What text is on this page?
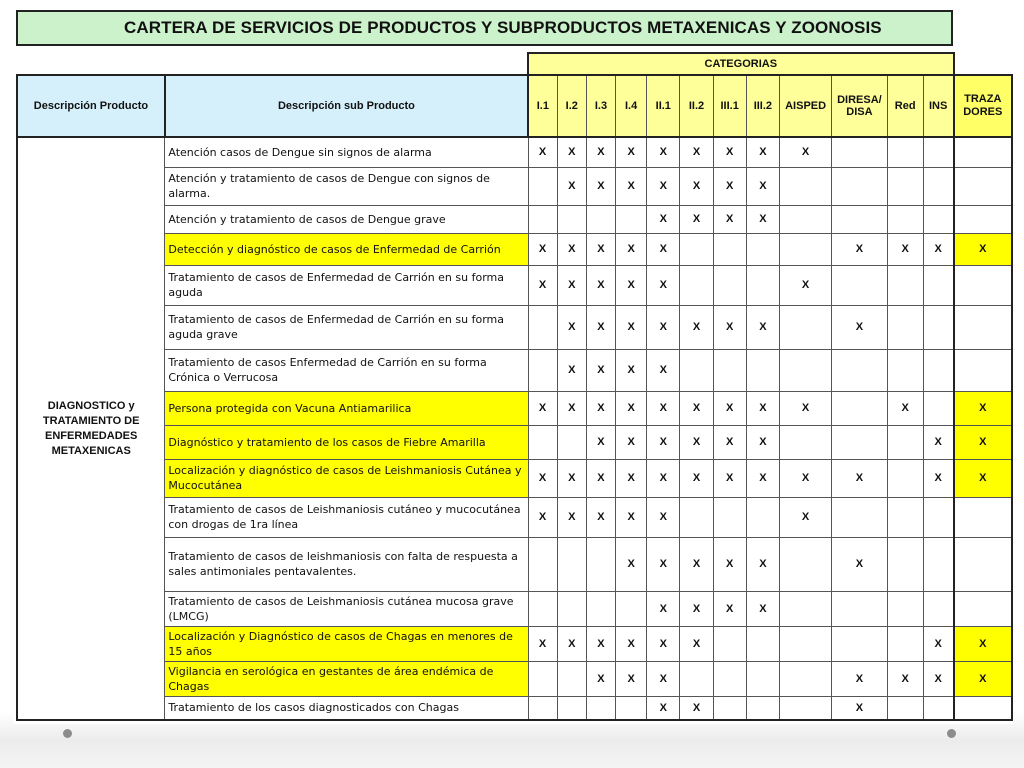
CARTERA DE SERVICIOS DE PRODUCTOS Y SUBPRODUCTOS METAXENICAS Y ZOONOSIS
		CATEGORIAS												
Descripción Producto	Descripción sub Producto	I.1	I.2	I.3	I.4	II.1	II.2	III.1	III.2	AISPED	DIRESA/ DISA	Red	INS	TRAZA DORES
DIAGNOSTICO y TRATAMIENTO DE ENFERMEDADES METAXENICAS	Atención casos de Dengue sin signos de alarma	X	X	X	X	X	X	X	X	X				
	Atención y tratamiento de casos de Dengue con signos de alarma.		X	X	X	X	X	X	X					
	Atención y tratamiento de casos de Dengue grave					X	X	X	X					
	Detección y diagnóstico de casos de Enfermedad de Carrión	X	X	X	X	X					X	X	X	X
	Tratamiento de casos de Enfermedad de Carrión en su forma aguda	X	X	X	X	X				X				
	Tratamiento de casos de Enfermedad de Carrión en su forma aguda grave		X	X	X	X	X	X	X		X			
	Tratamiento de casos Enfermedad de Carrión en su forma Crónica o Verrucosa		X	X	X	X								
	Persona protegida con Vacuna Antiamarilica	X	X	X	X	X	X	X	X	X		X		X
	Diagnóstico y tratamiento de los casos de Fiebre Amarilla			X	X	X	X	X	X				X	X
	Localización y diagnóstico de casos de Leishmaniosis Cutánea y Mucocutánea	X	X	X	X	X	X	X	X	X	X		X	X
	Tratamiento de casos de Leishmaniosis cutáneo y mucocutánea con drogas de 1ra línea	X	X	X	X	X				X				
	Tratamiento de casos de leishmaniosis con falta de respuesta a sales antimoniales pentavalentes.				X	X	X	X	X		X			
	Tratamiento de casos de Leishmaniosis cutánea mucosa grave (LMCG)					X	X	X	X					
	Localización y Diagnóstico de casos de Chagas en menores de 15 años	X	X	X	X	X	X						X	X
	Vigilancia en serológica en gestantes de área endémica de Chagas			X	X	X					X	X	X	X
	Tratamiento de los casos diagnosticados con Chagas					X	X				X			
